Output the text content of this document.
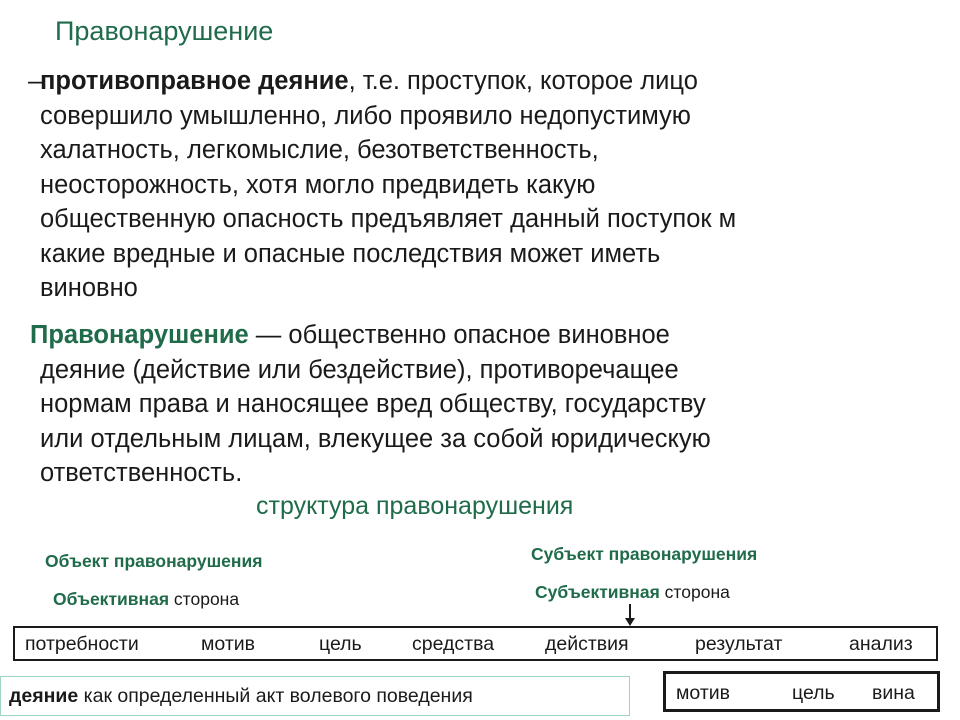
Правонарушение
–
противоправное деяние, т.е. проступок, которое лицо
совершило умышленно, либо проявило недопустимую
халатность, легкомыслие, безответственность,
неосторожность, хотя могло предвидеть какую
общественную опасность предъявляет данный поступок м
какие вредные и опасные последствия может иметь
виновно
Правонарушение — общественно опасное виновное
деяние (действие или бездействие), противоречащее
нормам права и наносящее вред обществу, государству
или отдельным лицам, влекущее за собой юридическую
ответственность.
структура правонарушения
Объект правонарушения
Объективная сторона
Субъект правонарушения
Субъективная сторона
потребности	мотив	цель	средства	действия	результат	анализ
деяние как определенный акт волевого поведения	мотив	цель вина
